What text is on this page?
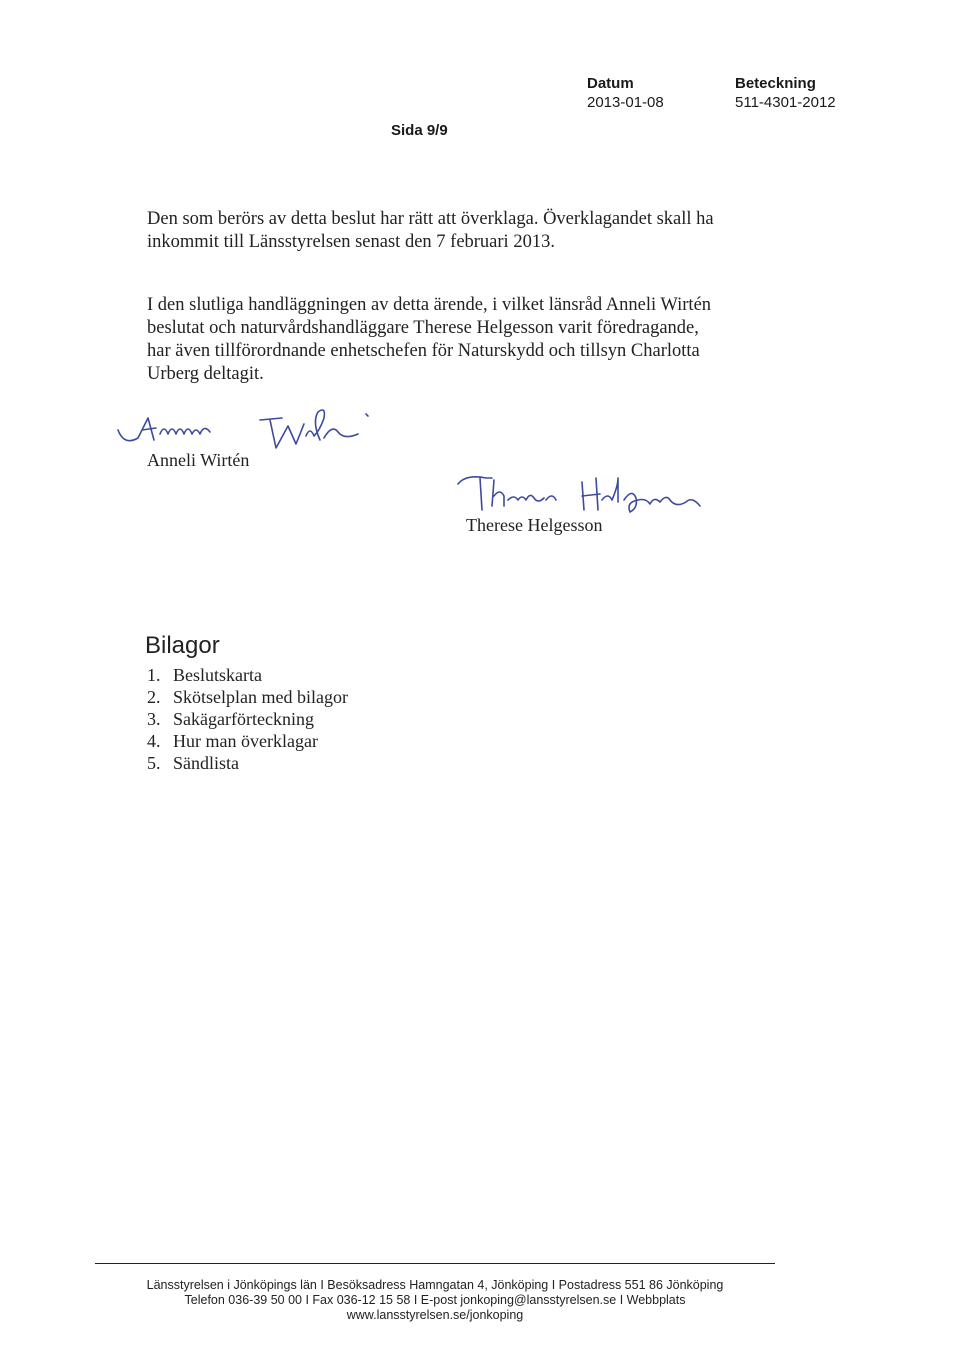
Sida 9/9
Datum
2013-01-08
Beteckning
511-4301-2012

Den som berörs av detta beslut har rätt att överklaga. Överklagandet skall ha inkommit till Länsstyrelsen senast den 7 februari 2013.

I den slutliga handläggningen av detta ärende, i vilket länsråd Anneli Wirtén beslutat och naturvårdshandläggare Therese Helgesson varit föredragande, har även tillförordnande enhetschefen för Naturskydd och tillsyn Charlotta Urberg deltagit.

Anneli Wirtén
Therese Helgesson
Bilagor
1. Beslutskarta
2. Skötselplan med bilagor
3. Sakägarförteckning
4. Hur man överklagar
5. Sändlista
Länsstyrelsen i Jönköpings län I Besöksadress Hamngatan 4, Jönköping I Postadress 551 86 Jönköping
Telefon 036-39 50 00 I Fax 036-12 15 58 I E-post jonkoping@lansstyrelsen.se I Webbplats
www.lansstyrelsen.se/jonkoping
